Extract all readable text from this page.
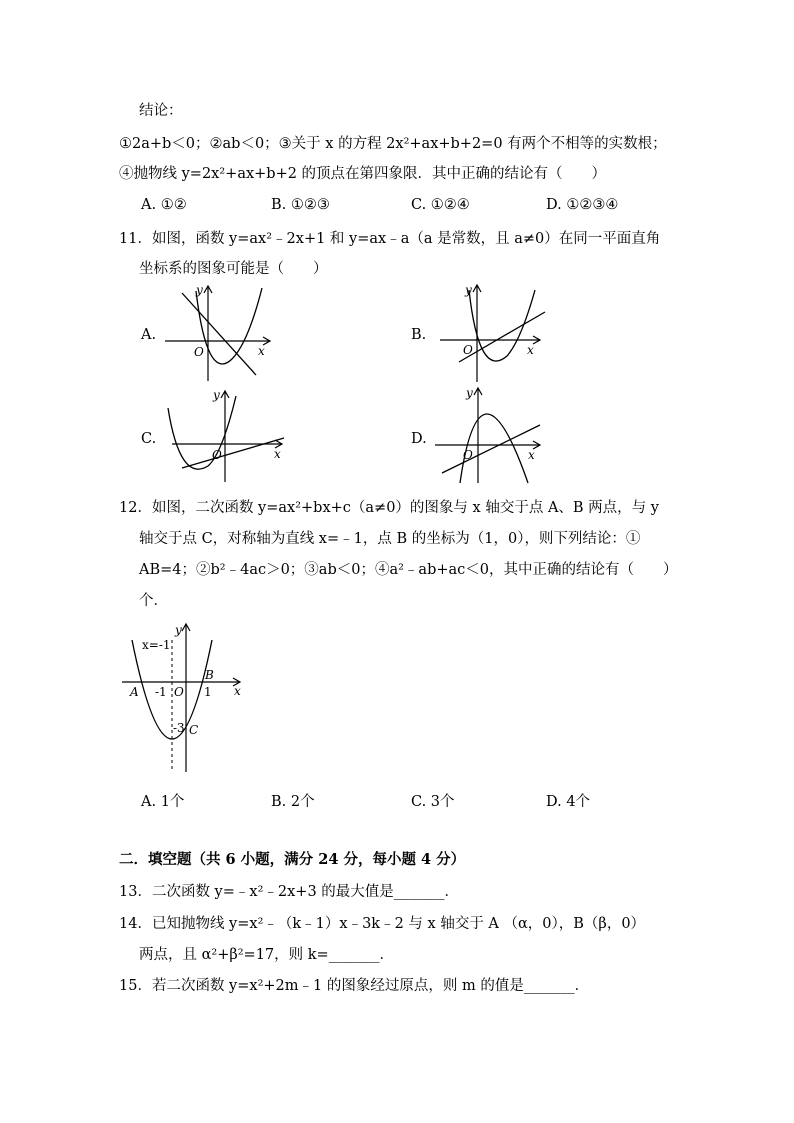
结论：
①2a+b＜0；②ab＜0；③关于 x 的方程 2x²+ax+b+2=0 有两个不相等的实数根；
④抛物线 y=2x²+ax+b+2 的顶点在第四象限．其中正确的结论有（　　）
A. ①②	B. ①②③	C. ①②④	D. ①②③④
11．如图，函数 y=ax²﹣2x+1 和 y=ax﹣a（a 是常数，且 a≠0）在同一平面直角
坐标系的图象可能是（　　）
A.
y
x
O
B.
y
x
O
C.
y
x
O
D.
y
x
O
12．如图，二次函数 y=ax²+bx+c（a≠0）的图象与 x 轴交于点 A、B 两点，与 y
轴交于点 C，对称轴为直线 x=﹣1，点 B 的坐标为（1，0），则下列结论：①
AB=4；②b²﹣4ac＞0；③ab＜0；④a²﹣ab+ac＜0，其中正确的结论有（　　）
个．
x=-1
y
x
A -1 O 1
B
-3 C
A. 1个	B. 2个	C. 3个	D. 4个
二．填空题（共 6 小题，满分 24 分，每小题 4 分）
13．二次函数 y=﹣x²﹣2x+3 的最大值是_______．
14．已知抛物线 y=x²﹣（k﹣1）x﹣3k﹣2 与 x 轴交于 A （α，0），B（β，0）
两点，且 α²+β²=17，则 k=_______．
15．若二次函数 y=x²+2m﹣1 的图象经过原点，则 m 的值是_______．
